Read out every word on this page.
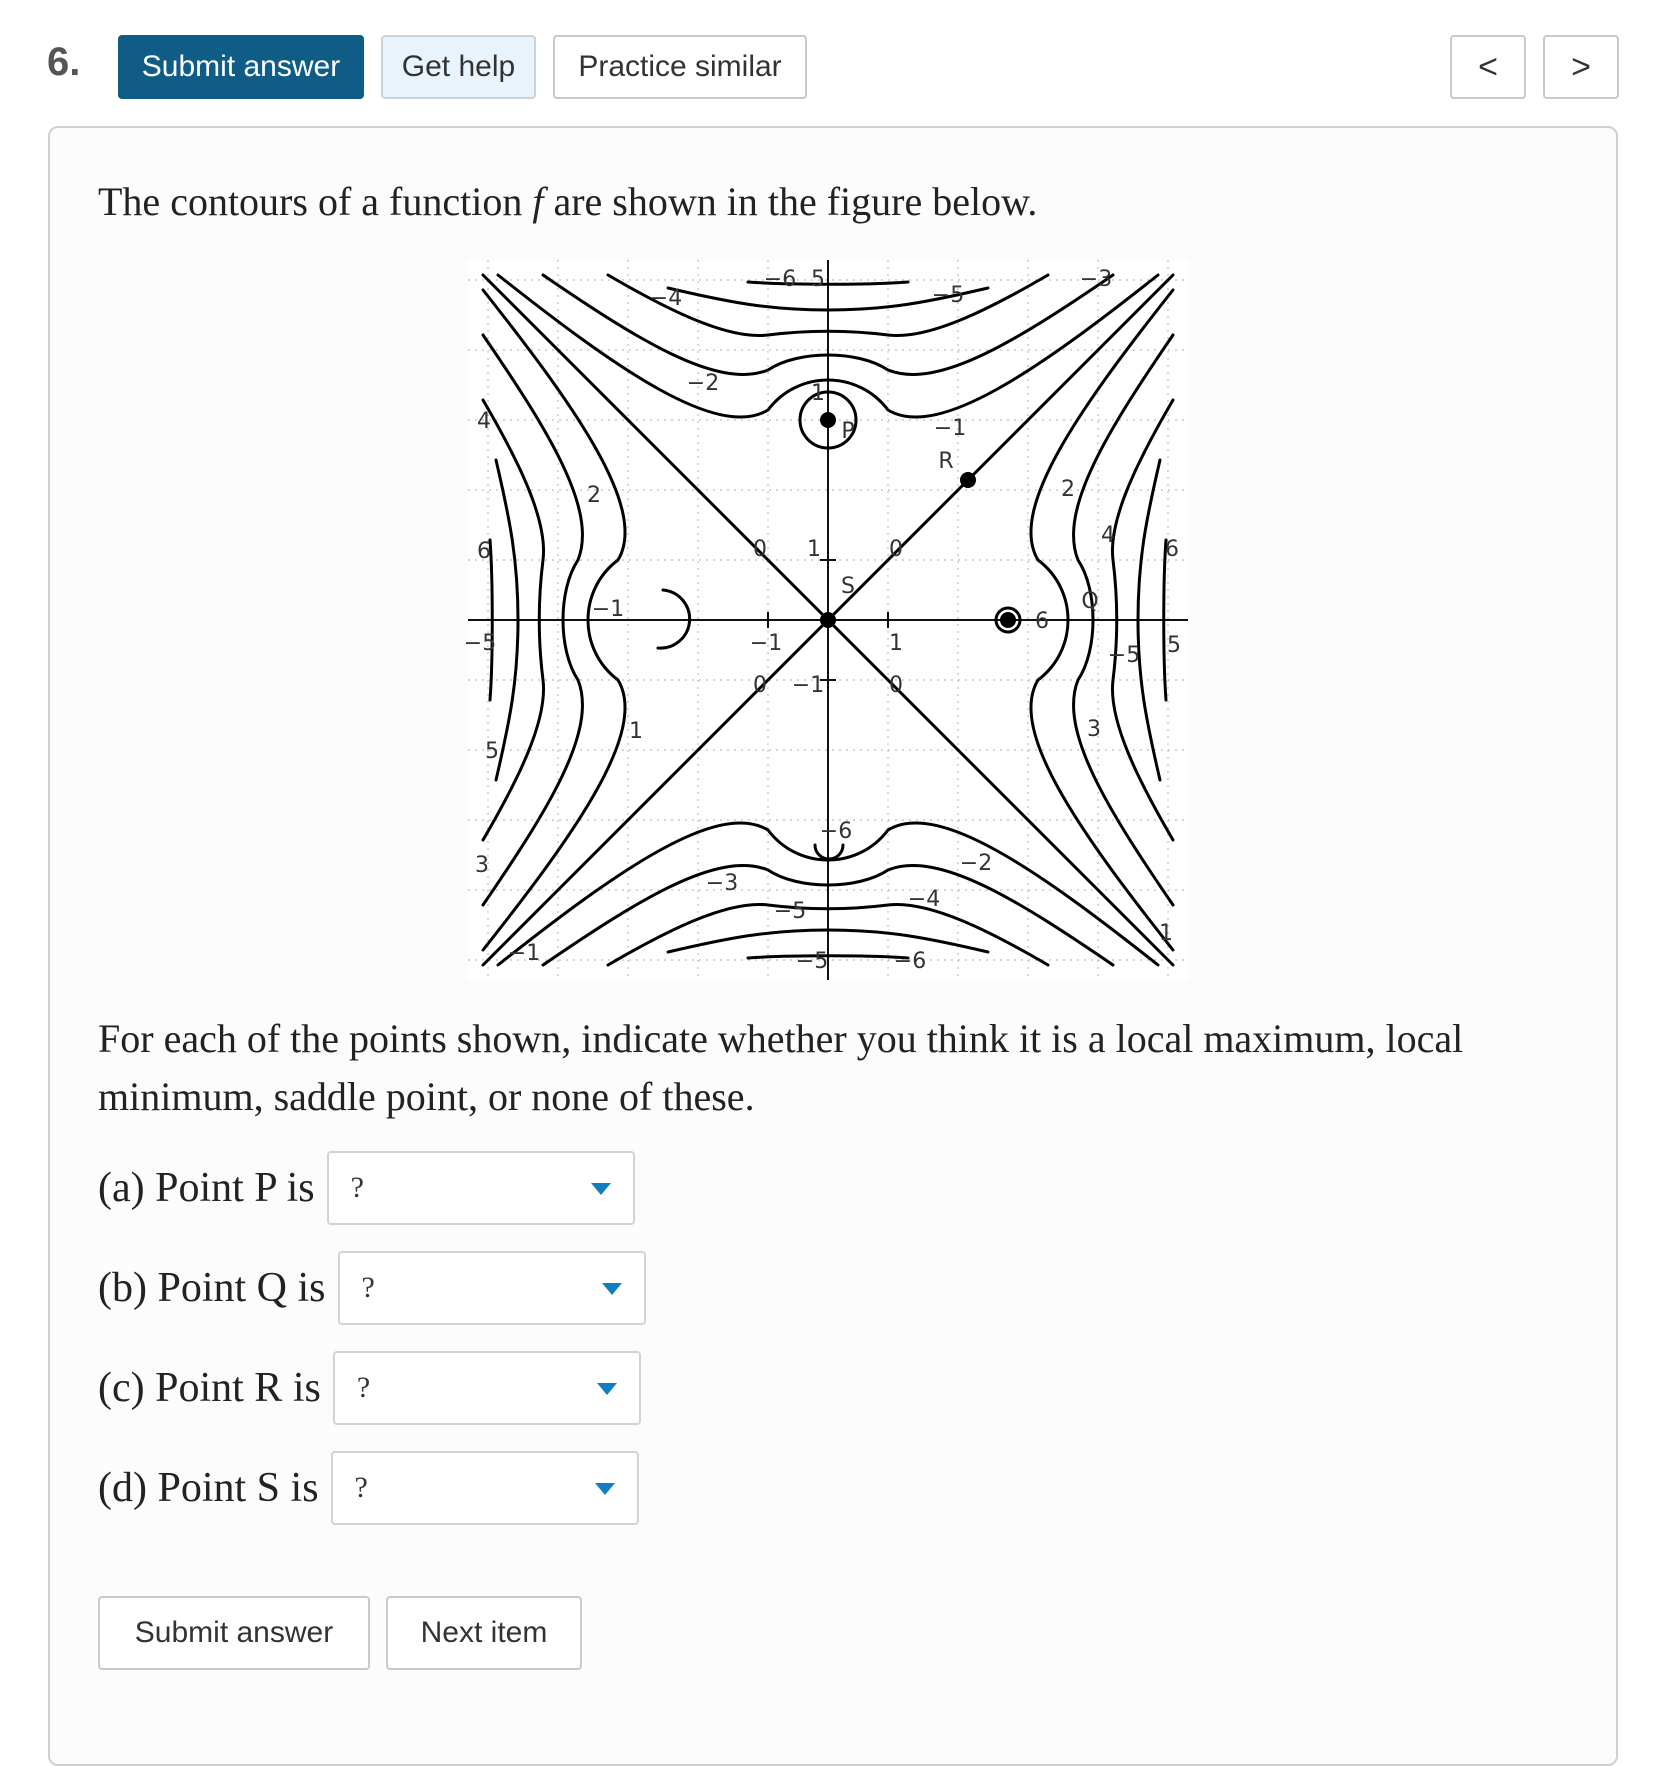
6.	Submit answer	Get help	Practice similar	< >
The contours of a function f are shown in the figure below.
−6 5
−4	−5
−3
−2	1
P	−1
R
4
2
6
−1
−5
5
1
3
−1
0 1	0
S
−1	1
0 −1	0
2
4
6
Q
6
−5 5
3
1
−6
−3
−5
−2
−4
−5	−6
For each of the points shown, indicate whether you think it is a local maximum, local minimum, saddle point, or none of these.
(a) Point P is ?
(b) Point Q is ?
(c) Point R is ?
(d) Point S is ?
Submit answer	Next item
